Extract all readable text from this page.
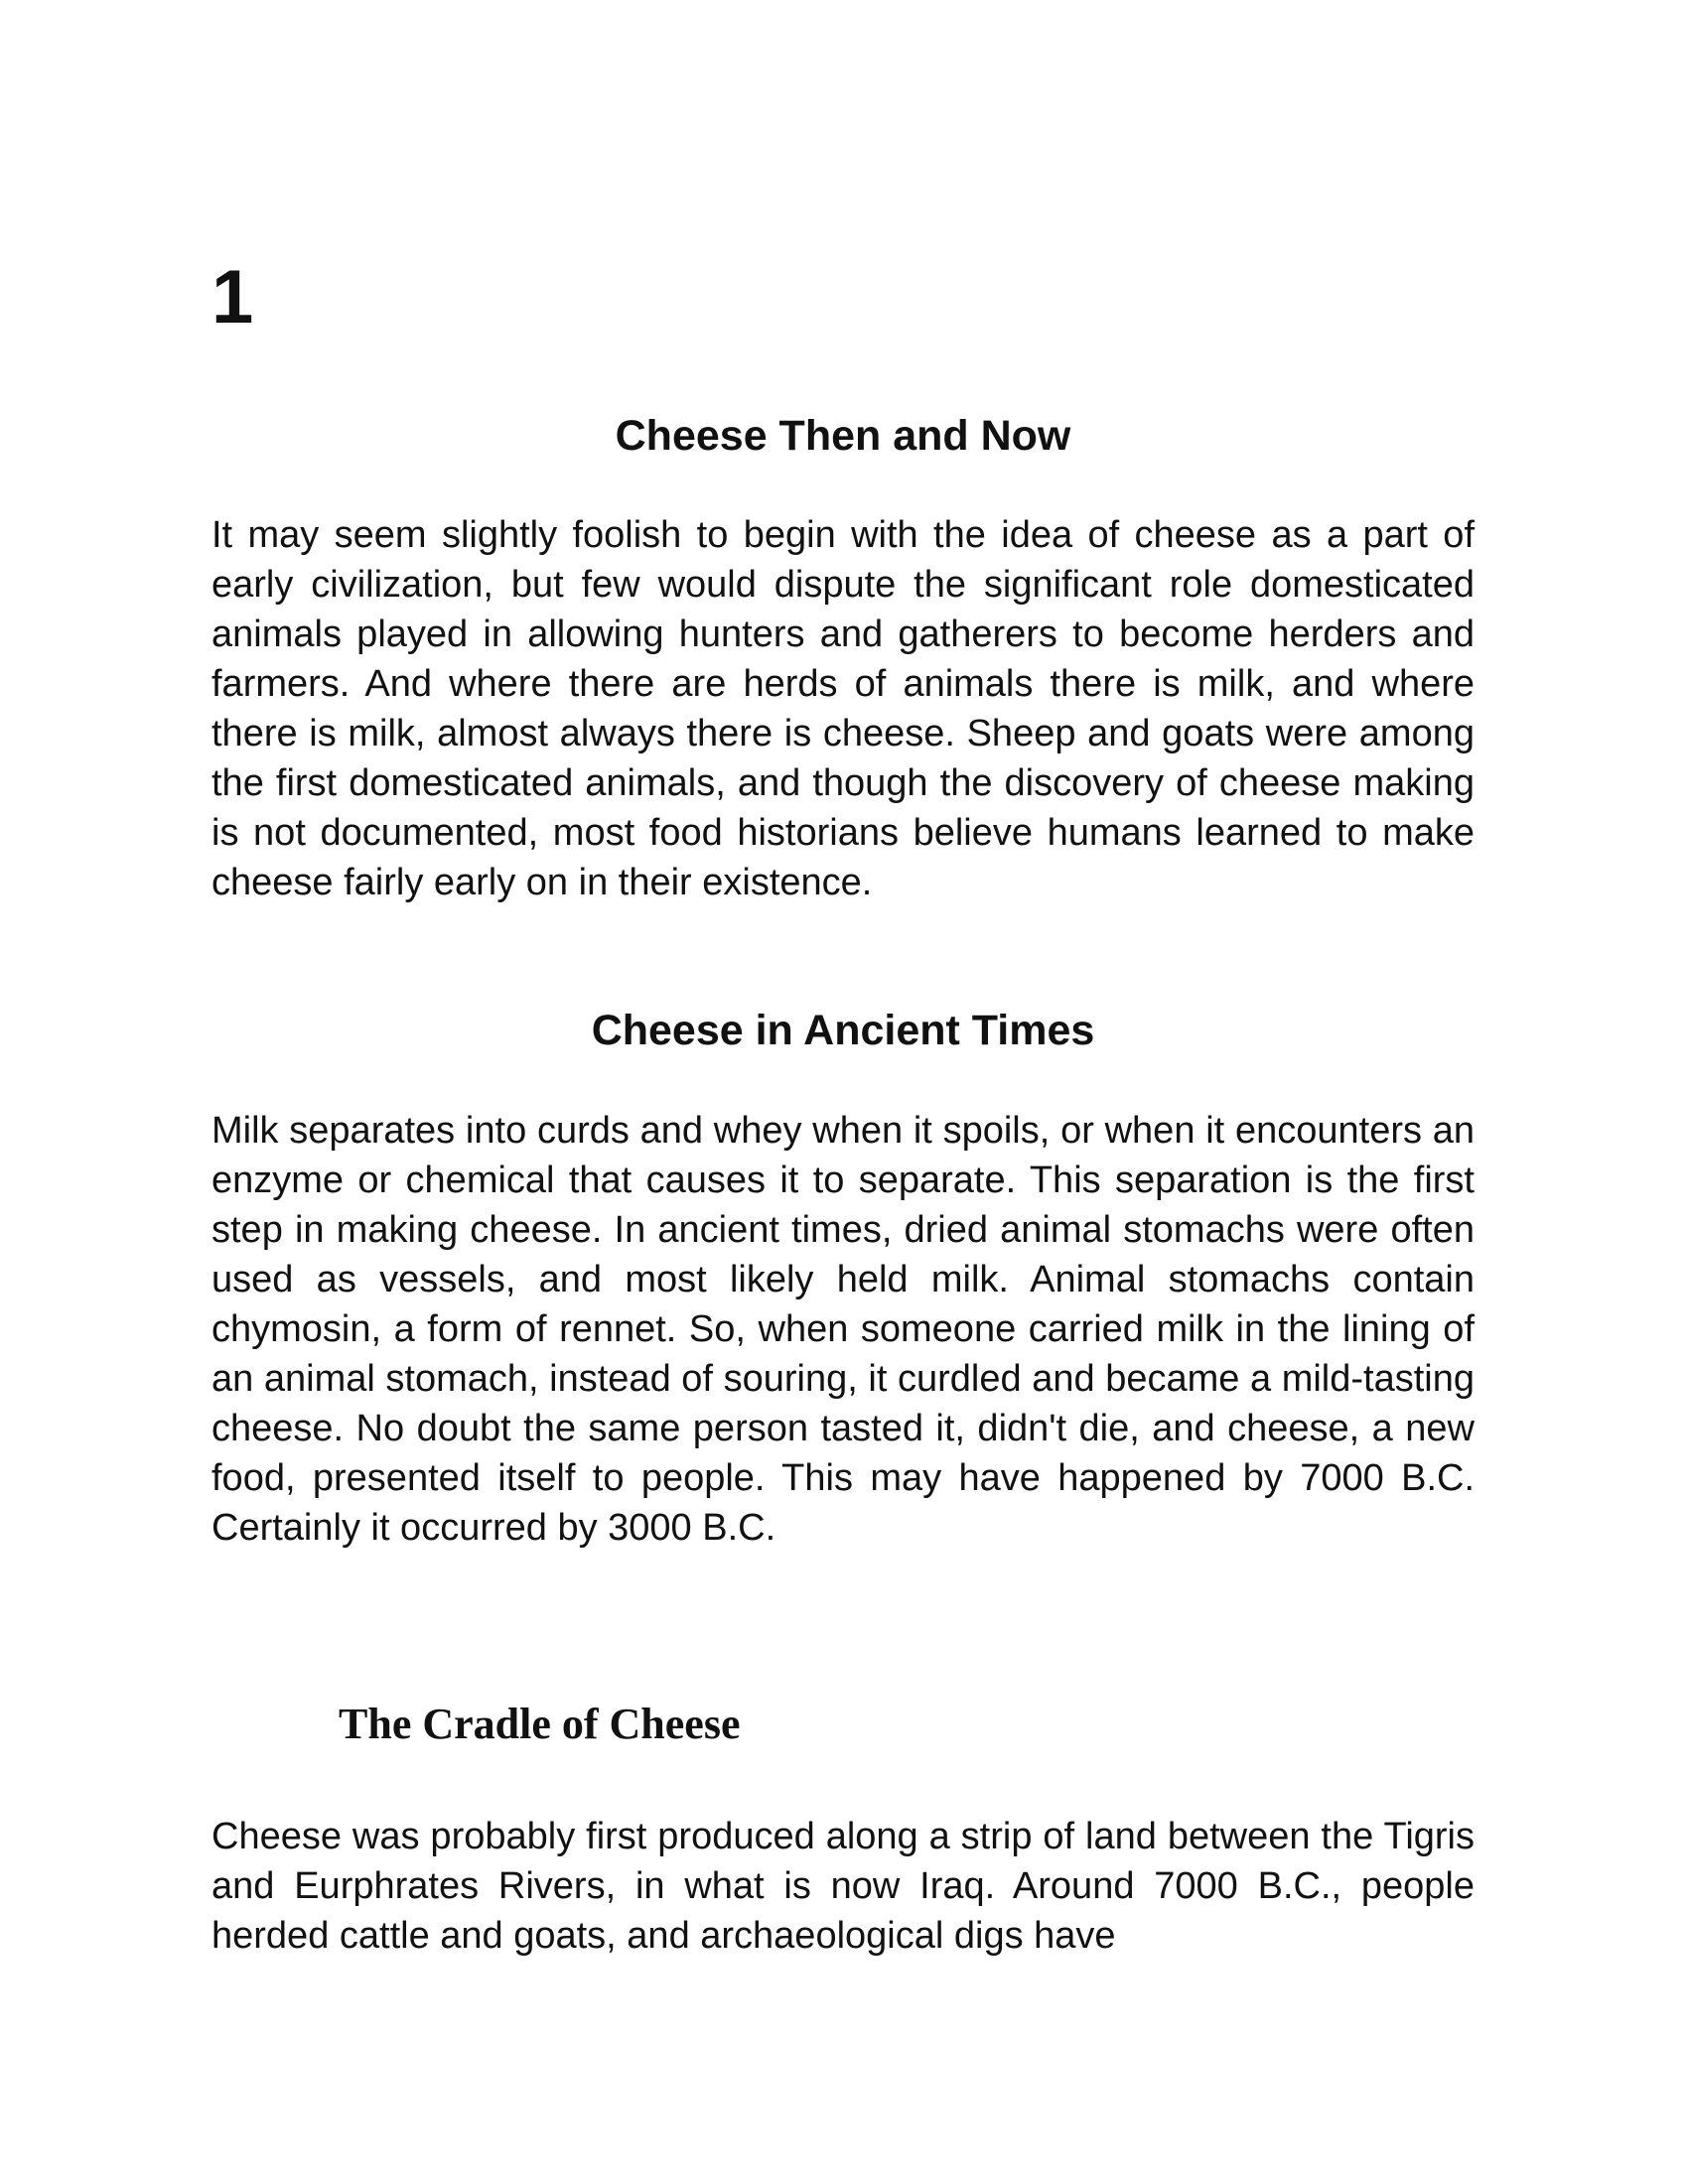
1
Cheese Then and Now

It may seem slightly foolish to begin with the idea of cheese as a part of early civilization, but few would dispute the significant role domesticated animals played in allowing hunters and gatherers to become herders and farmers. And where there are herds of animals there is milk, and where there is milk, almost always there is cheese. Sheep and goats were among the first domesticated animals, and though the discovery of cheese making is not documented, most food historians believe humans learned to make cheese fairly early on in their existence.

Cheese in Ancient Times

Milk separates into curds and whey when it spoils, or when it encounters an enzyme or chemical that causes it to separate. This separation is the first step in making cheese. In ancient times, dried animal stomachs were often used as vessels, and most likely held milk. Animal stomachs contain chymosin, a form of rennet. So, when someone carried milk in the lining of an animal stomach, instead of souring, it curdled and became a mild-tasting cheese. No doubt the same person tasted it, didn't die, and cheese, a new food, presented itself to people. This may have happened by 7000 B.C. Certainly it occurred by 3000 B.C.

The Cradle of Cheese

Cheese was probably first produced along a strip of land between the Tigris and Eurphrates Rivers, in what is now Iraq. Around 7000 B.C., people herded cattle and goats, and archaeological digs have
